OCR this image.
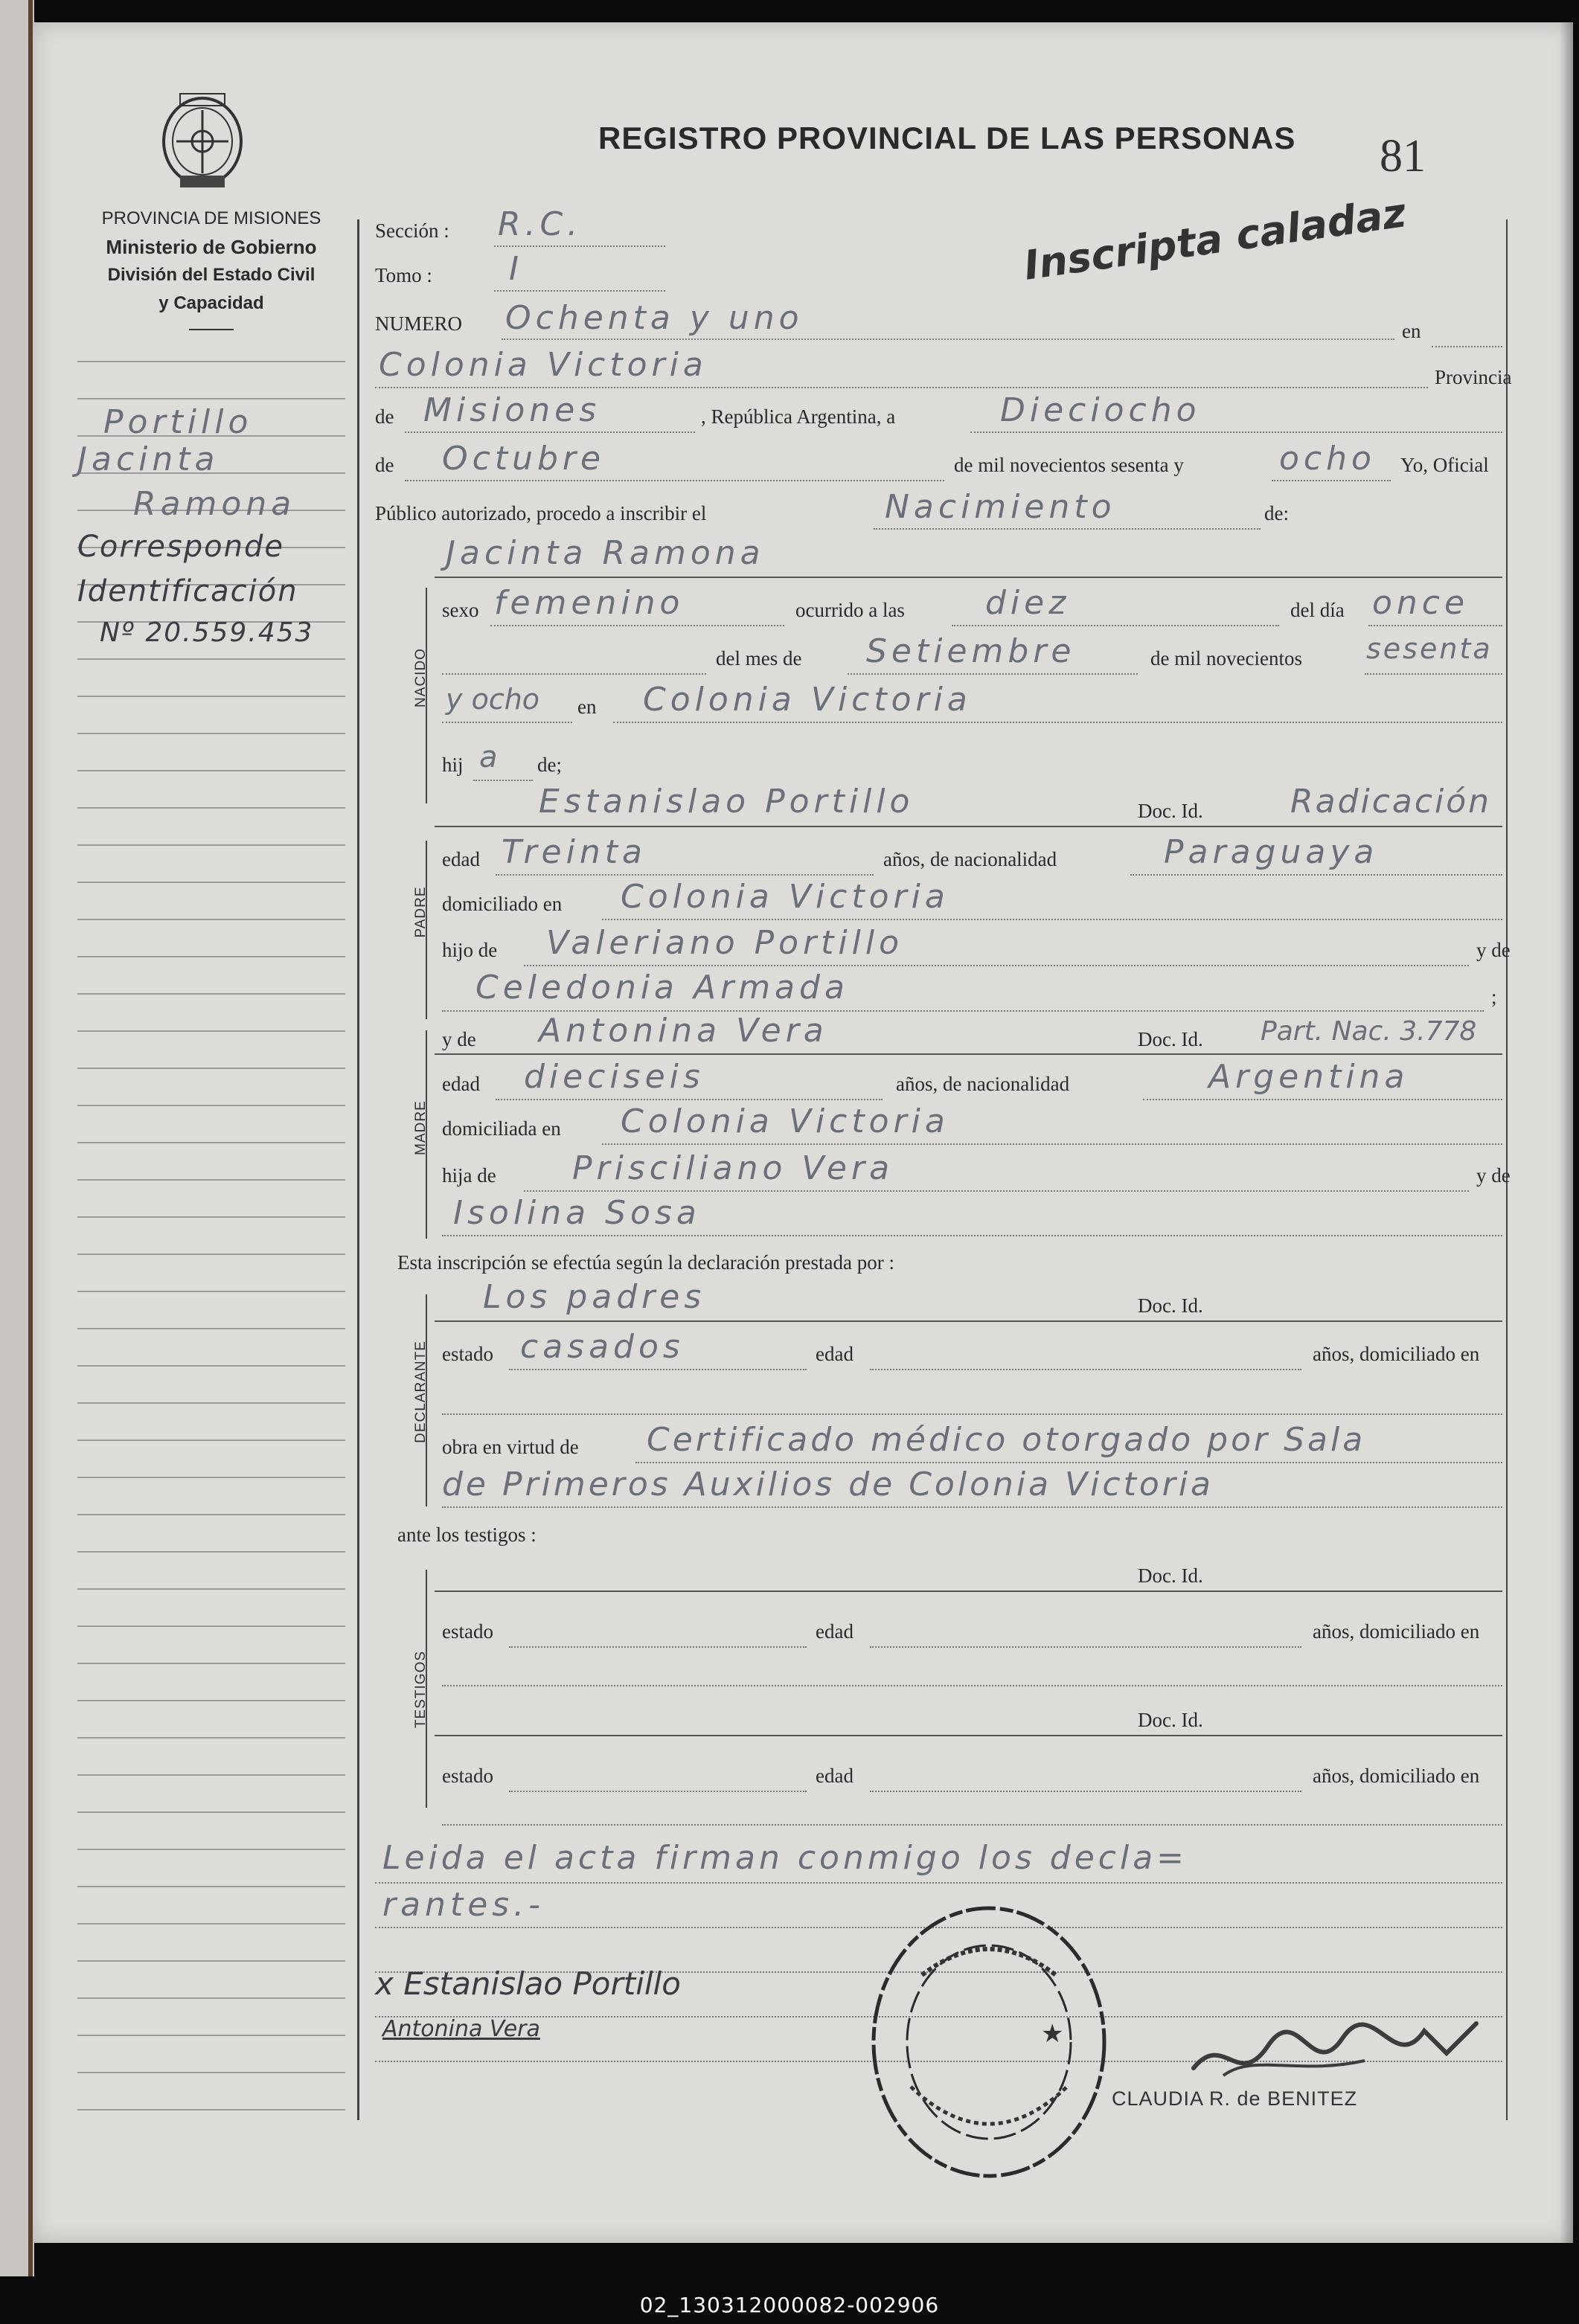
PROVINCIA DE MISIONES
Ministerio de Gobierno
División del Estado Civil
y Capacidad
REGISTRO PROVINCIAL DE LAS PERSONAS 81
Inscripta caladaz
Portillo
Jacinta
Ramona
Corresponde
Identificación
Nº 20.559.453
Sección : R.C.
Tomo : I
NUMERO Ochenta y uno	en
Colonia Victoria	Provincia
de Misiones	, República Argentina, a	Dieciocho
de Octubre	de mil novecientos sesenta y	ocho Yo, Oficial
Público autorizado, procedo a inscribir el	Nacimiento	de:
NACIDO
Jacinta Ramona
sexo femenino	ocurrido a las diez	del día once
del mes de Setiembre	de mil novecientos sesenta
y ocho en Colonia Victoria
hij a de;
PADRE
Estanislao Portillo	Doc. Id.	Radicación
edad Treinta	años, de nacionalidad	Paraguaya
domiciliado en Colonia Victoria
hijo de Valeriano Portillo	y de
Celedonia Armada	;
MADRE
y de Antonina Vera	Doc. Id. Part. Nac. 3.778
edad dieciseis	años, de nacionalidad	Argentina
domiciliada en Colonia Victoria
hija de Prisciliano Vera	y de
Isolina Sosa
Esta inscripción se efectúa según la declaración prestada por :
DECLARANTE
Los padres	Doc. Id.
estado casados	edad	años, domiciliado en
obra en virtud de Certificado médico otorgado por Sala
de Primeros Auxilios de Colonia Victoria
ante los testigos :
TESTIGOS
Doc. Id.
estado	edad	años, domiciliado en
Doc. Id.
estado	edad	años, domiciliado en
Leida el acta firman conmigo los decla=
rantes.-
x Estanislao Portillo
Antonina Vera	★
CLAUDIA R. de BENITEZ
02_130312000082-002906
